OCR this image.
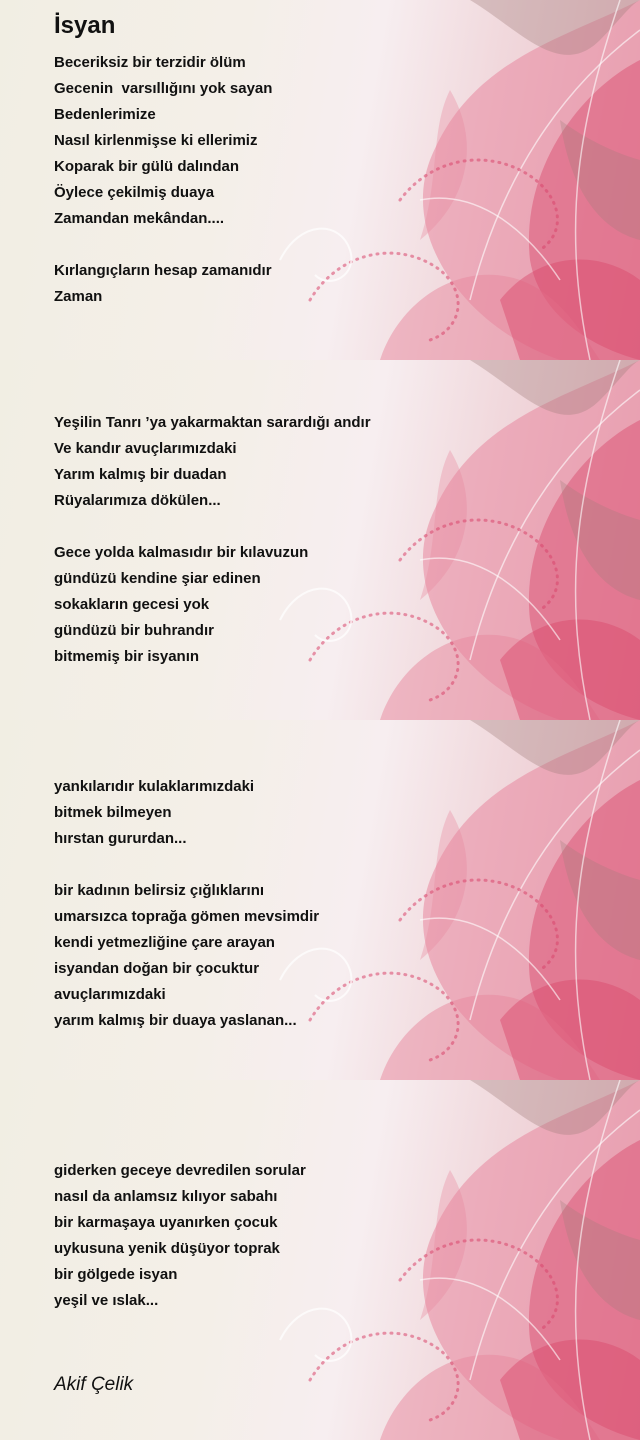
İsyan
Beceriksiz bir terzidir ölüm
Gecenin  varsıllığını yok sayan
Bedenlerimize
Nasıl kirlenmişse ki ellerimiz
Koparak bir gülü dalından
Öylece çekilmiş duaya
Zamandan mekândan....
Kırlangıçların hesap zamanıdır
Zaman
Yeşilin Tanrı ’ya yakarmaktan sarardığı andır
Ve kandır avuçlarımızdaki
Yarım kalmış bir duadan
Rüyalarımıza dökülen...
Gece yolda kalmasıdır bir kılavuzun
gündüzü kendine şiar edinen
sokakların gecesi yok
gündüzü bir buhrandır
bitmemiş bir isyanın
yankılarıdır kulaklarımızdaki
bitmek bilmeyen
hırstan gururdan...
bir kadının belirsiz çığlıklarını
umarsızca toprağa gömen mevsimdir
kendi yetmezliğine çare arayan
isyandan doğan bir çocuktur
avuçlarımızdaki
yarım kalmış bir duaya yaslanan...
giderken geceye devredilen sorular
nasıl da anlamsız kılıyor sabahı
bir karmaşaya uyanırken çocuk
uykusuna yenik düşüyor toprak
bir gölgede isyan
yeşil ve ıslak...
Akif Çelik
